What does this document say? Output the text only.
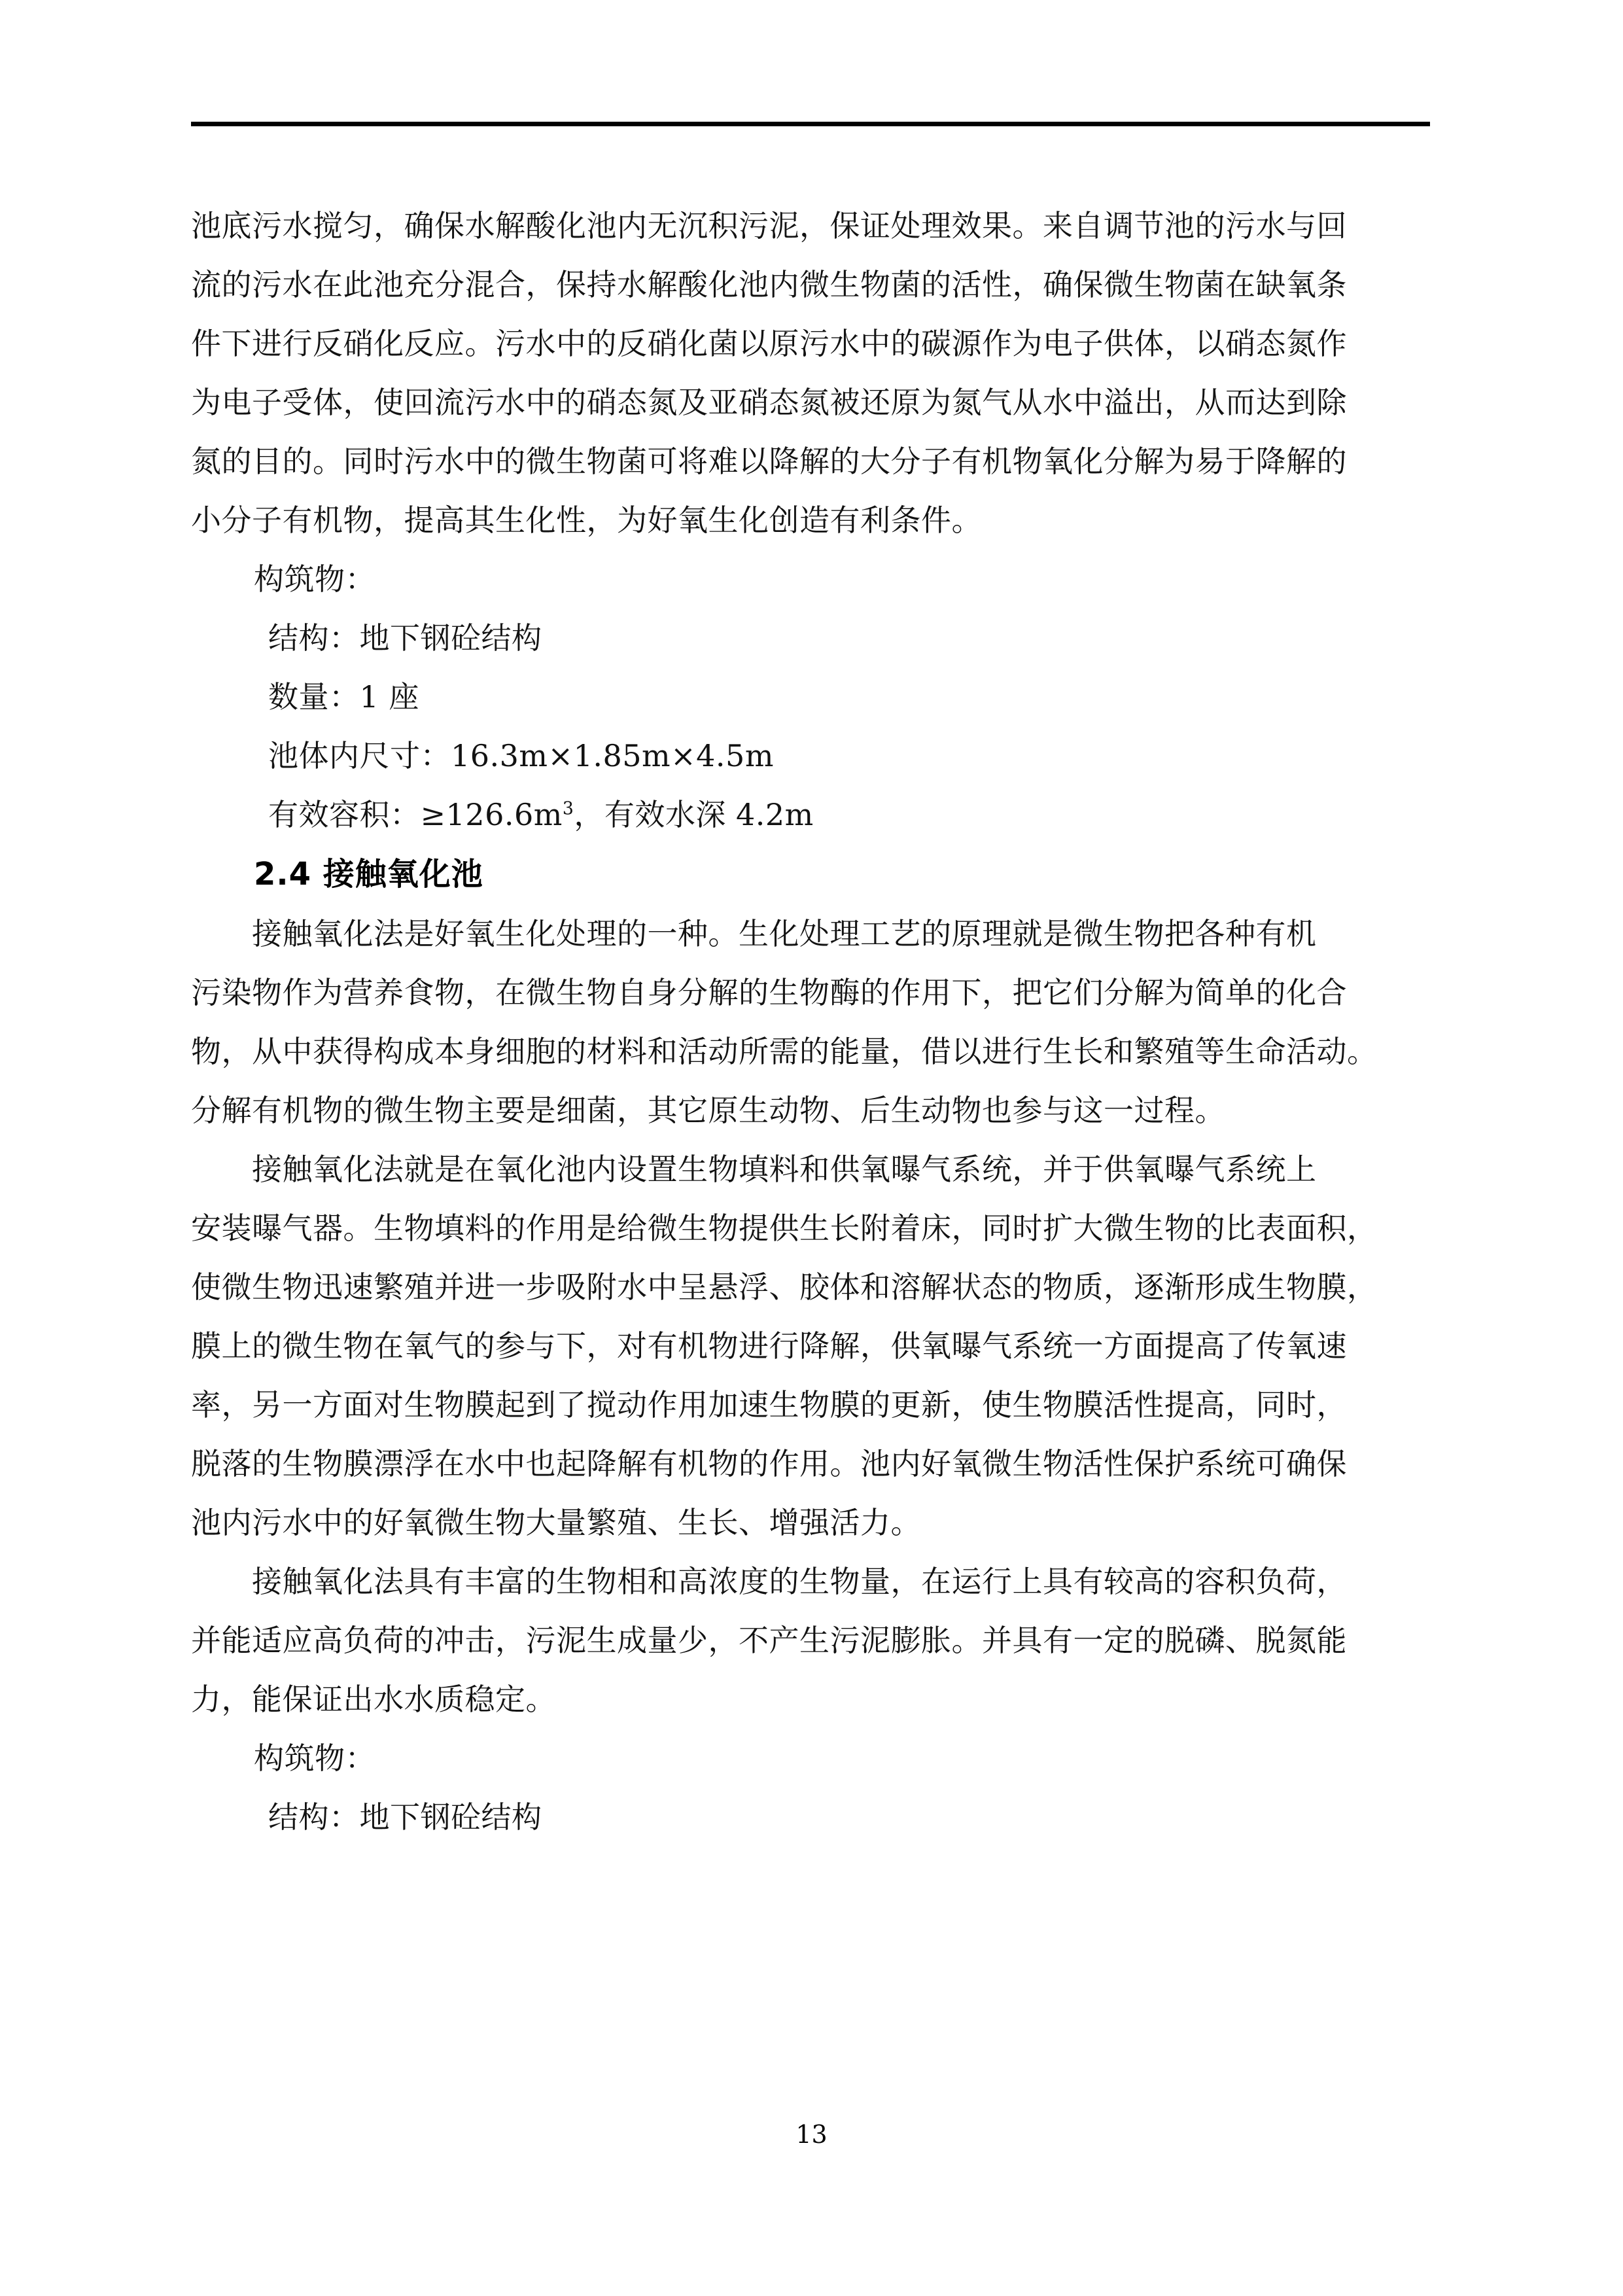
池底污水搅匀，确保水解酸化池内无沉积污泥，保证处理效果。来自调节池的污水与回

流的污水在此池充分混合，保持水解酸化池内微生物菌的活性，确保微生物菌在缺氧条

件下进行反硝化反应。污水中的反硝化菌以原污水中的碳源作为电子供体，以硝态氮作

为电子受体，使回流污水中的硝态氮及亚硝态氮被还原为氮气从水中溢出，从而达到除

氮的目的。同时污水中的微生物菌可将难以降解的大分子有机物氧化分解为易于降解的

小分子有机物，提高其生化性，为好氧生化创造有利条件。

构筑物：

结构：地下钢砼结构

数量：1 座

池体内尺寸：16.3m×1.85m×4.5m

有效容积：$\ge 126.6m^3$，有效水深 4.2m

2.4 接触氧化池

　　接触氧化法是好氧生化处理的一种。生化处理工艺的原理就是微生物把各种有机

污染物作为营养食物，在微生物自身分解的生物酶的作用下，把它们分解为简单的化合

物，从中获得构成本身细胞的材料和活动所需的能量，借以进行生长和繁殖等生命活动。

分解有机物的微生物主要是细菌，其它原生动物、后生动物也参与这一过程。

　　接触氧化法就是在氧化池内设置生物填料和供氧曝气系统，并于供氧曝气系统上

安装曝气器。生物填料的作用是给微生物提供生长附着床，同时扩大微生物的比表面积，

使微生物迅速繁殖并进一步吸附水中呈悬浮、胶体和溶解状态的物质，逐渐形成生物膜，

膜上的微生物在氧气的参与下，对有机物进行降解，供氧曝气系统一方面提高了传氧速

率，另一方面对生物膜起到了搅动作用加速生物膜的更新，使生物膜活性提高，同时，

脱落的生物膜漂浮在水中也起降解有机物的作用。池内好氧微生物活性保护系统可确保

池内污水中的好氧微生物大量繁殖、生长、增强活力。

　　接触氧化法具有丰富的生物相和高浓度的生物量，在运行上具有较高的容积负荷，

并能适应高负荷的冲击，污泥生成量少，不产生污泥膨胀。并具有一定的脱磷、脱氮能

力，能保证出水水质稳定。

构筑物：

结构：地下钢砼结构

13
